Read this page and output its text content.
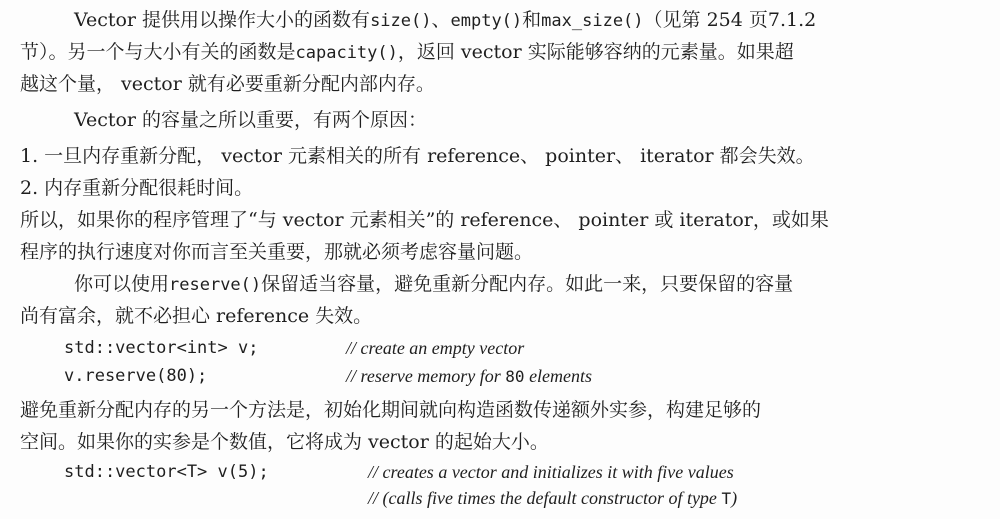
Vector 提供用以操作大小的函数有size()、empty()和max_size()（见第 254 页7.1.2
节）。另一个与大小有关的函数是capacity()，返回 vector 实际能够容纳的元素量。如果超
越这个量， vector 就有必要重新分配内部内存。
Vector 的容量之所以重要，有两个原因：
1. 一旦内存重新分配， vector 元素相关的所有 reference、 pointer、 iterator 都会失效。
2. 内存重新分配很耗时间。
所以，如果你的程序管理了“与 vector 元素相关”的 reference、 pointer 或 iterator，或如果
程序的执行速度对你而言至关重要，那就必须考虑容量问题。
你可以使用reserve()保留适当容量，避免重新分配内存。如此一来，只要保留的容量
尚有富余，就不必担心 reference 失效。
std::vector<int> v;	// create an empty vector
v.reserve(80);	// reserve memory for 80 elements
避免重新分配内存的另一个方法是，初始化期间就向构造函数传递额外实参，构建足够的
空间。如果你的实参是个数值，它将成为 vector 的起始大小。
std::vector<T> v(5);	// creates a vector and initializes it with five values
// (calls five times the default constructor of type T)
